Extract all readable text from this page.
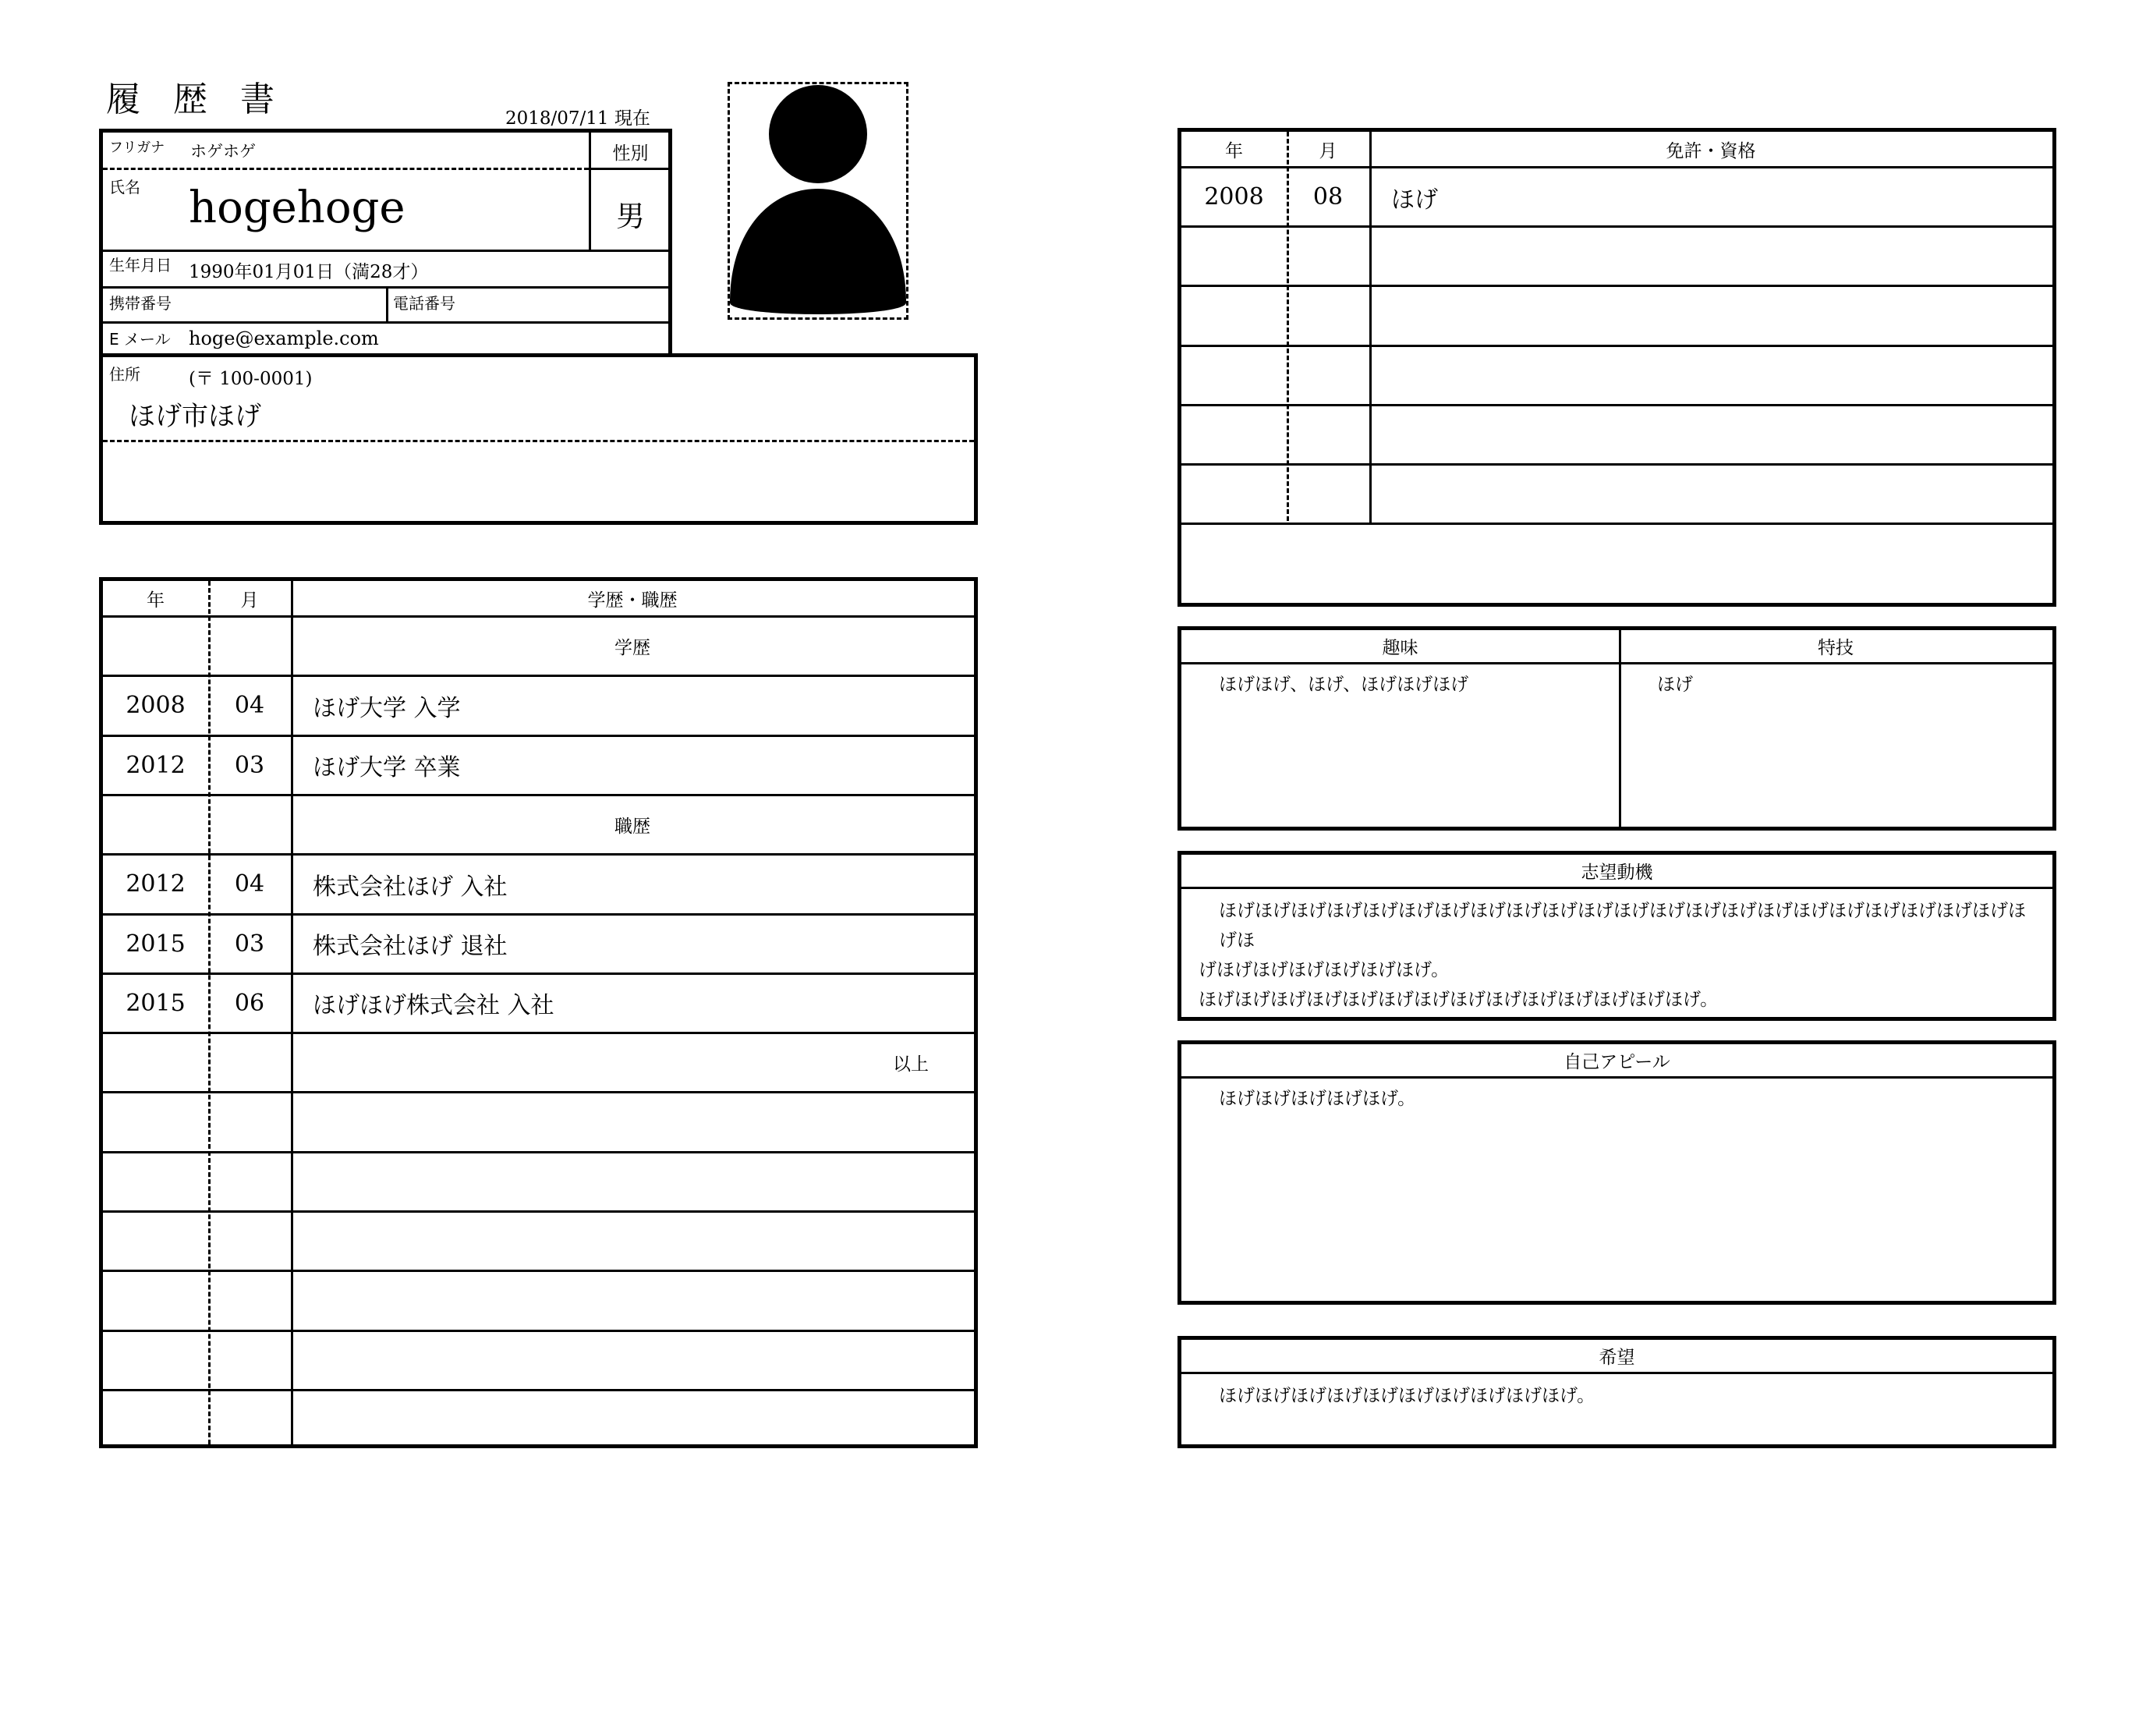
履 歴 書	2018/07/11 現在
フリガナ ホゲホゲ	性別
氏名 hogehoge	男
生年月日 1990年01月01日（満28才）
携帯番号	電話番号
E メール hoge@example.com
住所	(〒 100-0001)
ほげ市ほげ
年	月	学歴・職歴
学歴
2008	04	ほげ大学 入学
2012	03	ほげ大学 卒業
職歴
2012	04	株式会社ほげ 入社
2015	03	株式会社ほげ 退社
2015	06	ほげほげ株式会社 入社
以上
年	月	免許・資格
2008	08	ほげ
趣味	特技
ほげほげ、ほげ、ほげほげほげ	ほげ
志望動機
ほげほげほげほげほげほげほげほげほげほげほげほげほげほげほげほげほげほげほげほげほげほげほげほ
げほげほげほげほげほげほげ。
ほげほげほげほげほげほげほげほげほげほげほげほげほげほげ。
自己アピール
ほげほげほげほげほげ。
希望
ほげほげほげほげほげほげほげほげほげほげ。
